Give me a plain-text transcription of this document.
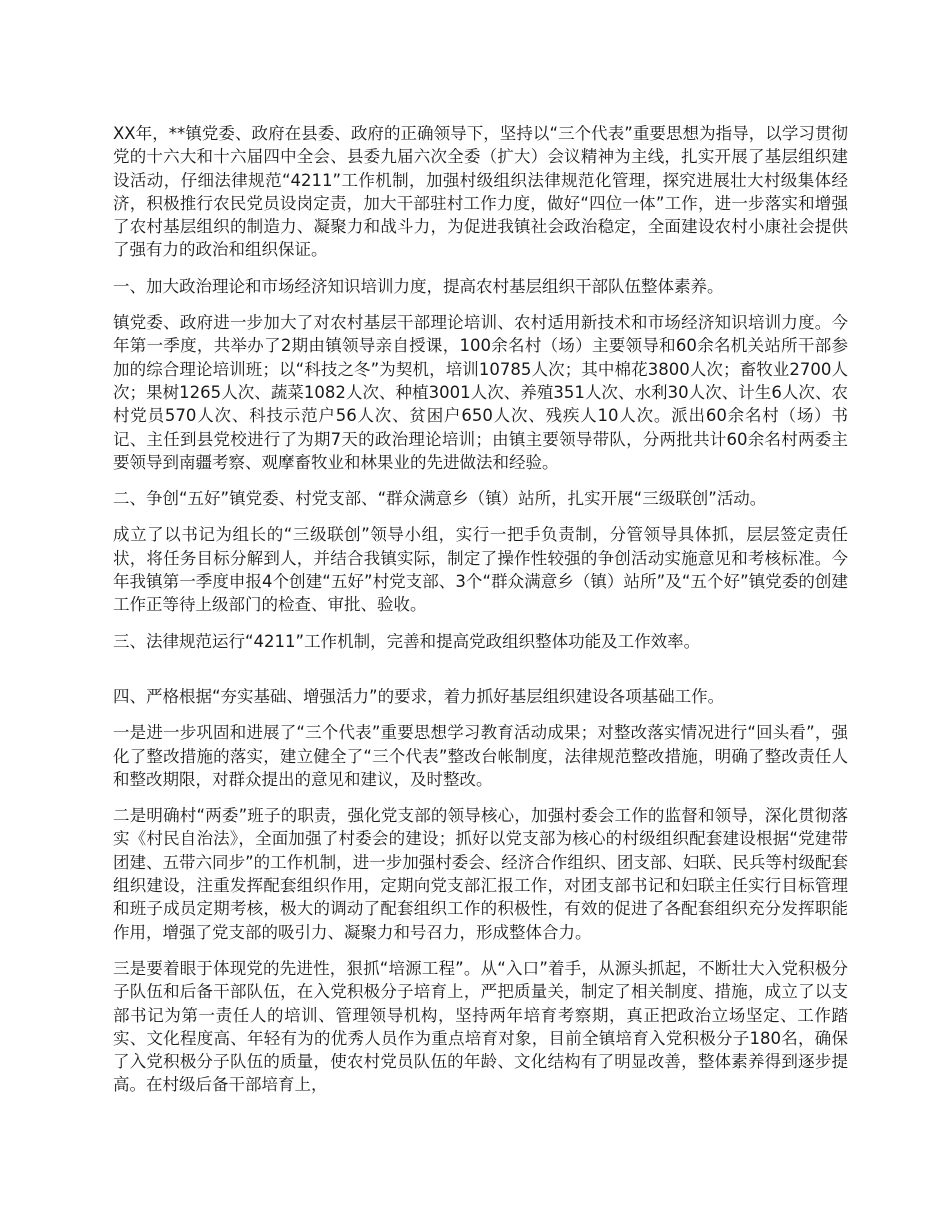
XX年，**镇党委、政府在县委、政府的正确领导下，坚持以“三个代表”重要思想为指导，以学习贯彻党的十六大和十六届四中全会、县委九届六次全委（扩大）会议精神为主线，扎实开展了基层组织建设活动，仔细法律规范“4211”工作机制，加强村级组织法律规范化管理，探究进展壮大村级集体经济，积极推行农民党员设岗定责，加大干部驻村工作力度，做好“四位一体”工作，进一步落实和增强了农村基层组织的制造力、凝聚力和战斗力，为促进我镇社会政治稳定，全面建设农村小康社会提供了强有力的政治和组织保证。

一、加大政治理论和市场经济知识培训力度，提高农村基层组织干部队伍整体素养。

镇党委、政府进一步加大了对农村基层干部理论培训、农村适用新技术和市场经济知识培训力度。今年第一季度，共举办了2期由镇领导亲自授课，100余名村（场）主要领导和60余名机关站所干部参加的综合理论培训班；以“科技之冬”为契机，培训10785人次；其中棉花3800人次；畜牧业2700人次；果树1265人次、蔬菜1082人次、种植3001人次、养殖351人次、水利30人次、计生6人次、农村党员570人次、科技示范户56人次、贫困户650人次、残疾人10人次。派出60余名村（场）书记、主任到县党校进行了为期7天的政治理论培训；由镇主要领导带队，分两批共计60余名村两委主要领导到南疆考察、观摩畜牧业和林果业的先进做法和经验。

二、争创“五好”镇党委、村党支部、“群众满意乡（镇）站所，扎实开展“三级联创”活动。

成立了以书记为组长的“三级联创”领导小组，实行一把手负责制，分管领导具体抓，层层签定责任状，将任务目标分解到人，并结合我镇实际，制定了操作性较强的争创活动实施意见和考核标准。今年我镇第一季度申报4个创建“五好”村党支部、3个“群众满意乡（镇）站所”及“五个好”镇党委的创建工作正等待上级部门的检查、审批、验收。

三、法律规范运行“4211”工作机制，完善和提高党政组织整体功能及工作效率。

四、严格根据“夯实基础、增强活力”的要求，着力抓好基层组织建设各项基础工作。

一是进一步巩固和进展了“三个代表”重要思想学习教育活动成果；对整改落实情况进行“回头看”，强化了整改措施的落实，建立健全了“三个代表”整改台帐制度，法律规范整改措施，明确了整改责任人和整改期限，对群众提出的意见和建议，及时整改。

二是明确村“两委”班子的职责，强化党支部的领导核心，加强村委会工作的监督和领导，深化贯彻落实《村民自治法》，全面加强了村委会的建设；抓好以党支部为核心的村级组织配套建设根据“党建带团建、五带六同步”的工作机制，进一步加强村委会、经济合作组织、团支部、妇联、民兵等村级配套组织建设，注重发挥配套组织作用，定期向党支部汇报工作，对团支部书记和妇联主任实行目标管理和班子成员定期考核，极大的调动了配套组织工作的积极性，有效的促进了各配套组织充分发挥职能作用，增强了党支部的吸引力、凝聚力和号召力，形成整体合力。

三是要着眼于体现党的先进性，狠抓“培源工程”。从“入口”着手，从源头抓起，不断壮大入党积极分子队伍和后备干部队伍，在入党积极分子培育上，严把质量关，制定了相关制度、措施，成立了以支部书记为第一责任人的培训、管理领导机构，坚持两年培育考察期，真正把政治立场坚定、工作踏实、文化程度高、年轻有为的优秀人员作为重点培育对象，目前全镇培育入党积极分子180名，确保了入党积极分子队伍的质量，使农村党员队伍的年龄、文化结构有了明显改善，整体素养得到逐步提高。在村级后备干部培育上，
